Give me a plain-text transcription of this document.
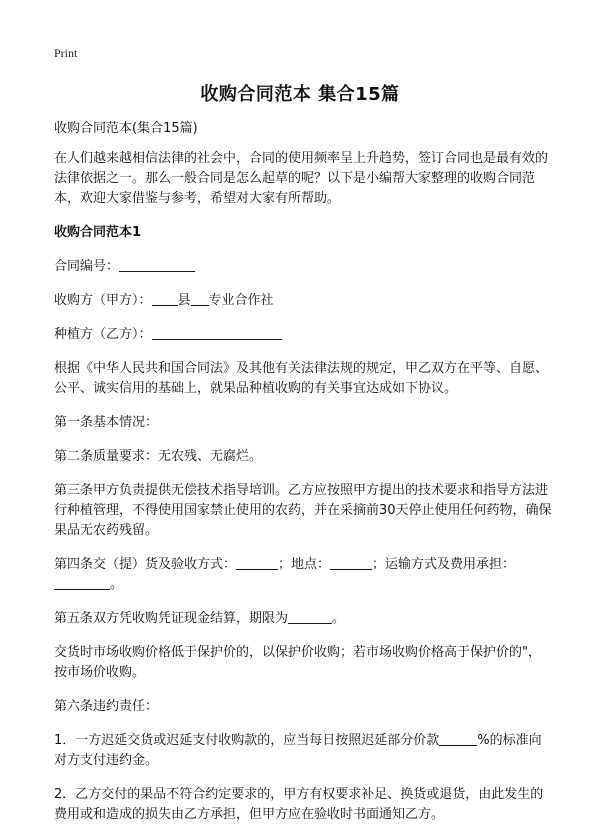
Print
收购合同范本 集合15篇

收购合同范本(集合15篇)

在人们越来越相信法律的社会中，合同的使用频率呈上升趋势，签订合同也是最有效的法律依据之一。那么一般合同是怎么起草的呢？以下是小编帮大家整理的收购合同范本，欢迎大家借鉴与参考，希望对大家有所帮助。

收购合同范本1

合同编号：

收购方（甲方）： 县 专业合作社

种植方（乙方）：

根据《中华人民共和国合同法》及其他有关法律法规的规定，甲乙双方在平等、自愿、公平、诚实信用的基础上，就果品种植收购的有关事宜达成如下协议。

第一条基本情况：

第二条质量要求：无农残、无腐烂。

第三条甲方负责提供无偿技术指导培训。乙方应按照甲方提出的技术要求和指导方法进行种植管理，不得使用国家禁止使用的农药，并在采摘前30天停止使用任何药物，确保果品无农药残留。

第四条交（提）货及验收方式：	；地点：	；运输方式及费用承担：
。

第五条双方凭收购凭证现金结算，期限为	。

交货时市场收购价格低于保护价的，以保护价收购；若市场收购价格高于保护价的"，按市场价收购。

第六条违约责任：

1．一方迟延交货或迟延支付收购款的，应当每日按照迟延部分价款	%的标准向对方支付违约金。

2．乙方交付的果品不符合约定要求的，甲方有权要求补足、换货或退货，由此发生的费用或和造成的损失由乙方承担，但甲方应在验收时书面通知乙方。
